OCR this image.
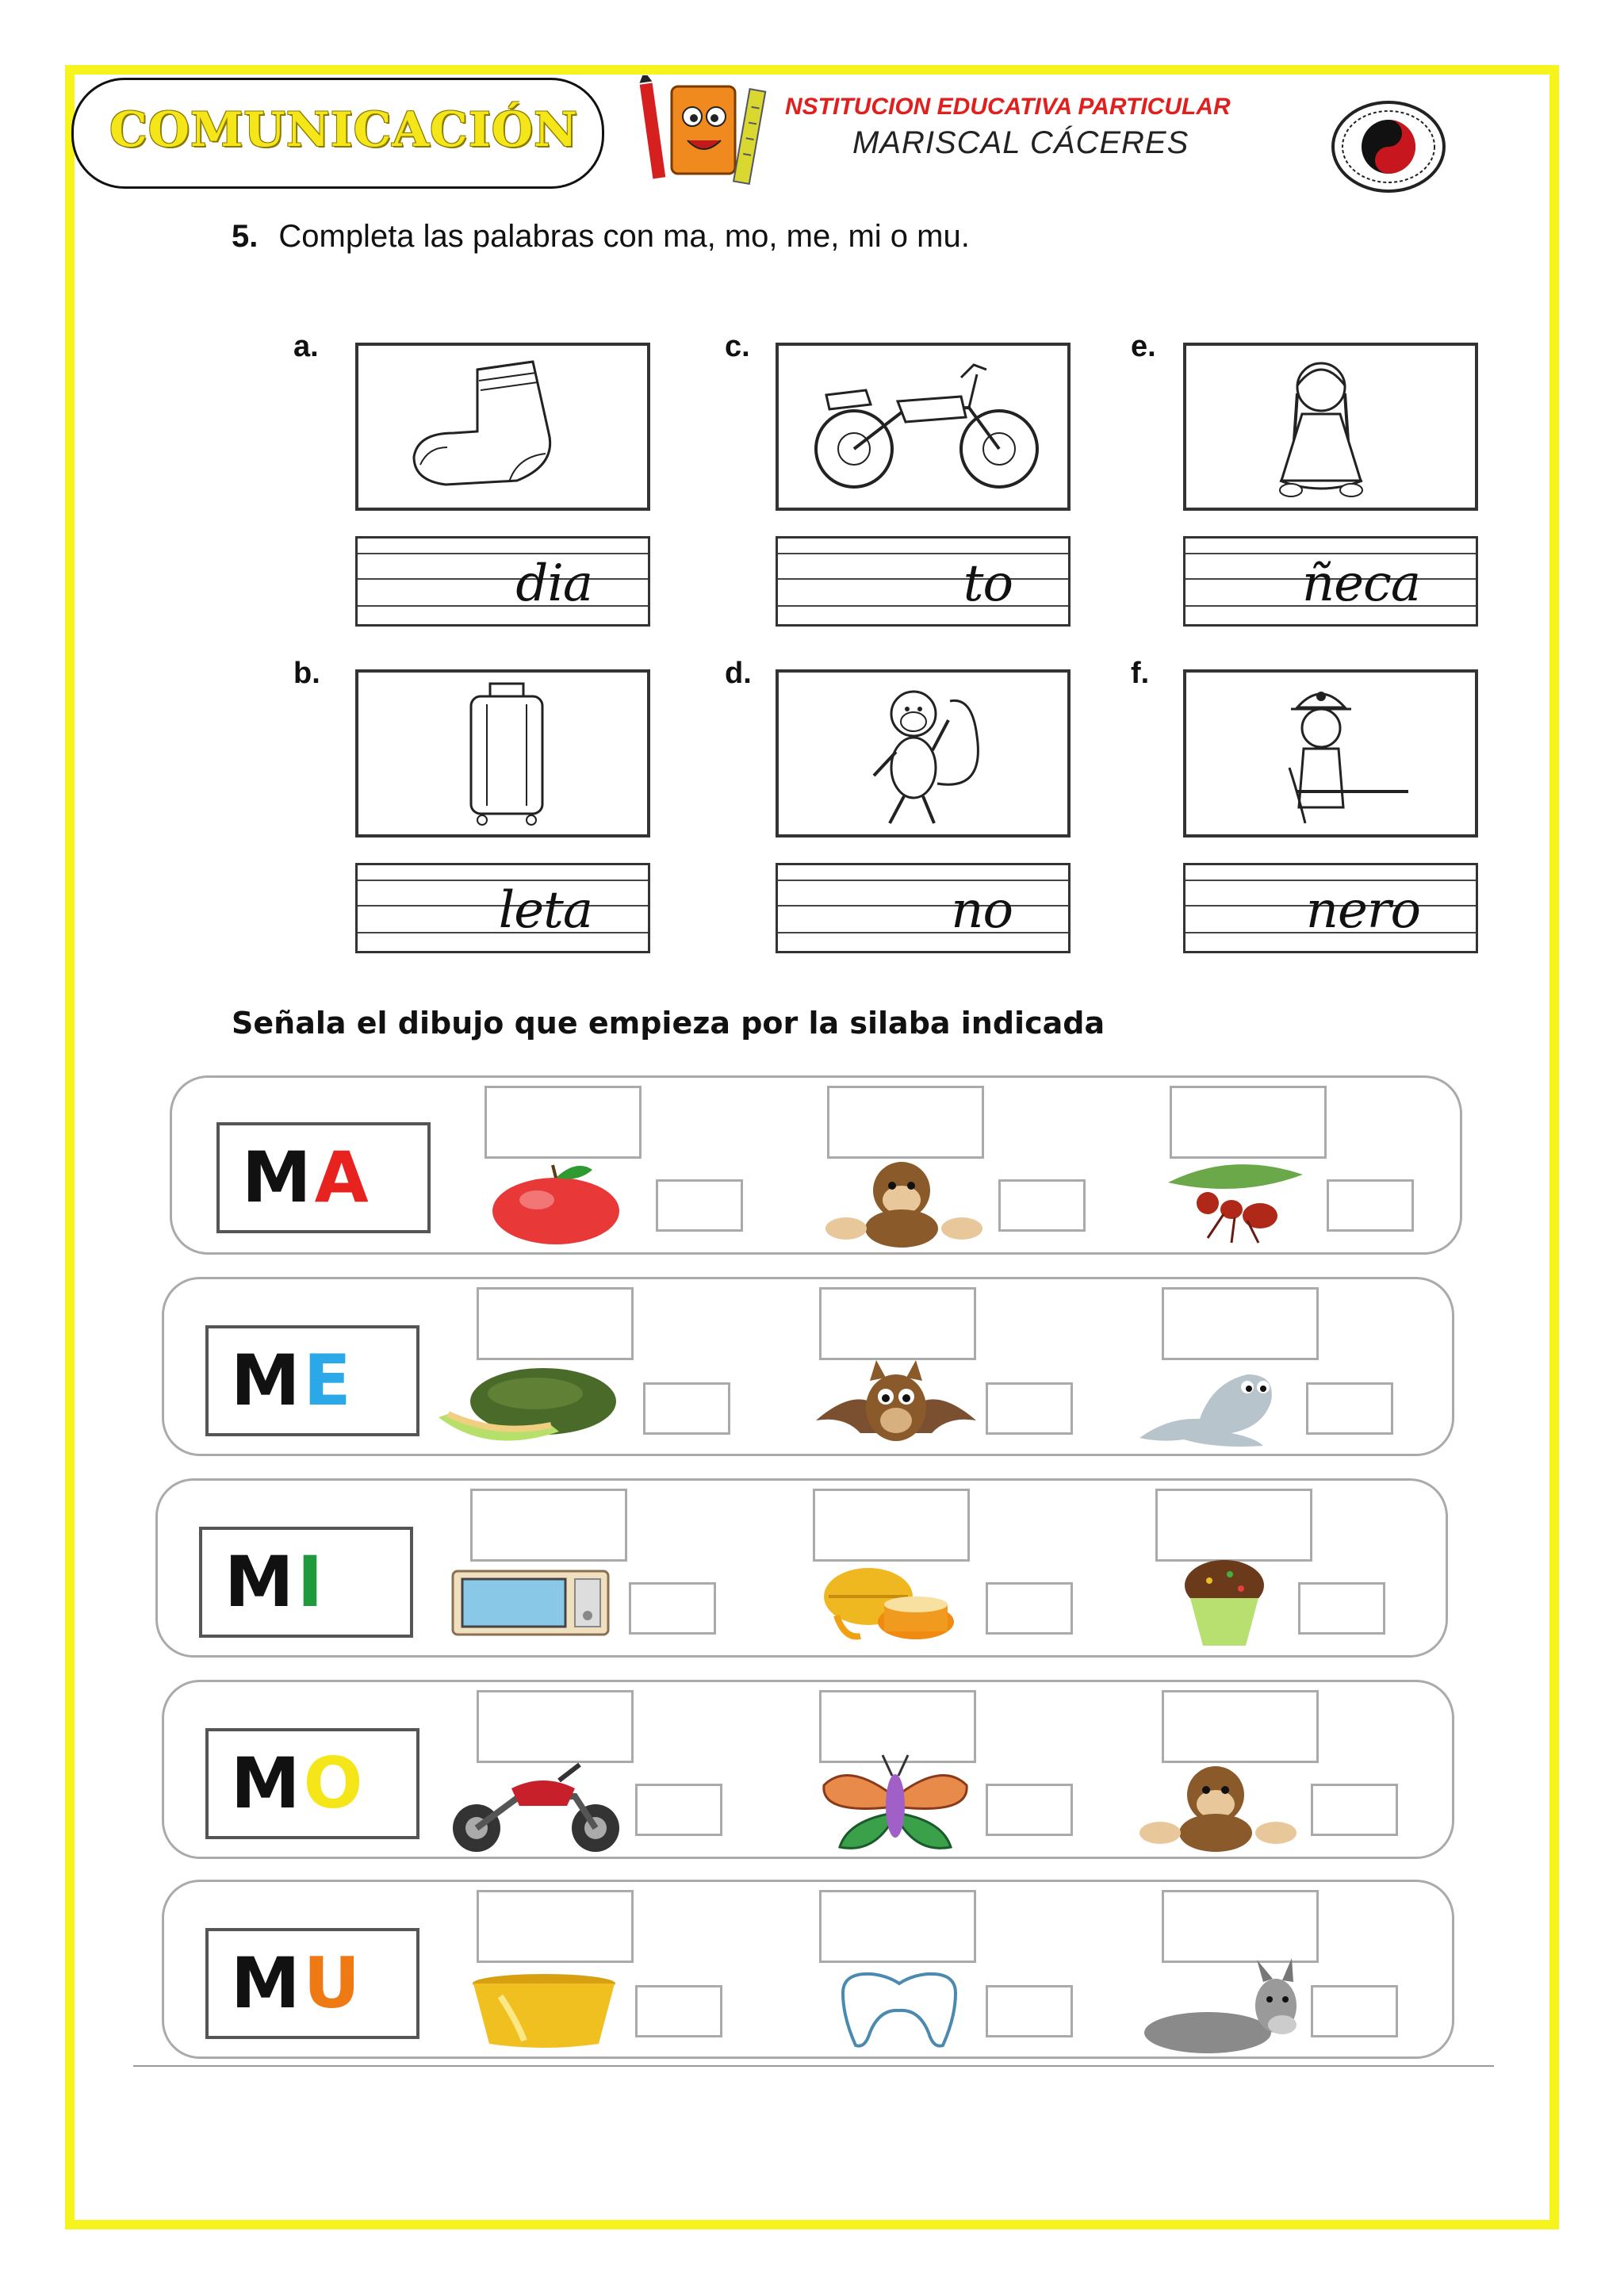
COMUNICACIÓN	NSTITUCION EDUCATIVA PARTICULAR
MARISCAL CÁCERES
5. Completa las palabras con ma, mo, me, mi o mu.
a.
b.
c.
d.
e.
f.
dia
leta
to
no
ñeca
nero
Señala el dibujo que empieza por la silaba indicada
MA
ME
MI
MO
MU
